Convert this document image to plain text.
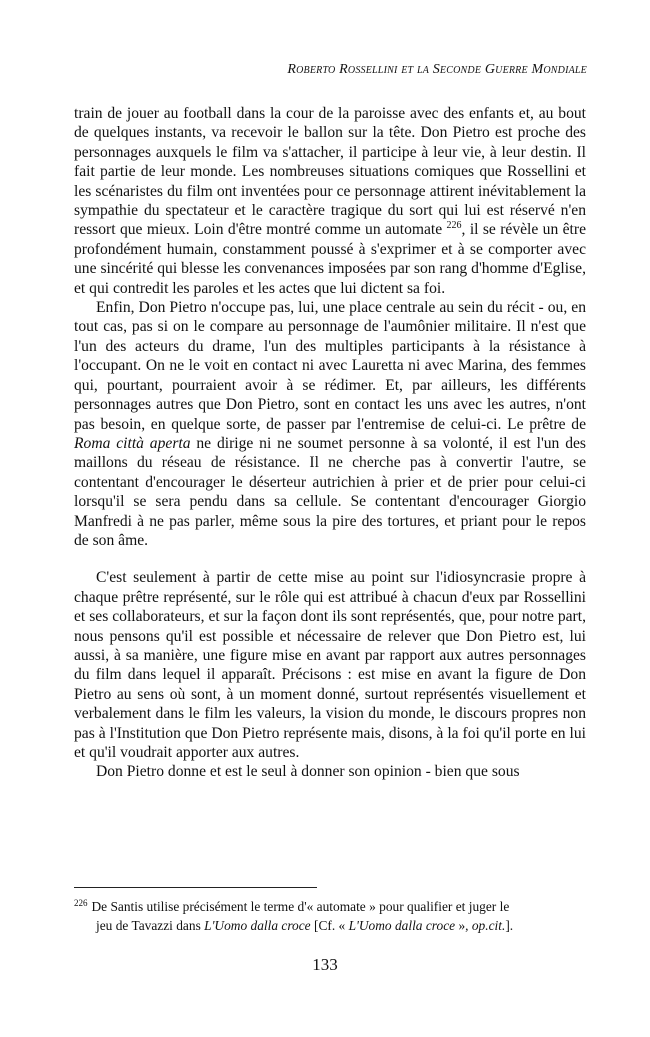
Roberto Rossellini et la Seconde Guerre Mondiale

train de jouer au football dans la cour de la paroisse avec des enfants et, au bout de quelques instants, va recevoir le ballon sur la tête. Don Pietro est proche des personnages auxquels le film va s'attacher, il participe à leur vie, à leur destin. Il fait partie de leur monde. Les nombreuses situations comiques que Rossellini et les scénaristes du film ont inventées pour ce personnage attirent inévitablement la sympathie du spectateur et le caractère tragique du sort qui lui est réservé n'en ressort que mieux. Loin d'être montré comme un automate $^{226}$, il se révèle un être profondément humain, constamment poussé à s'exprimer et à se comporter avec une sincérité qui blesse les convenances imposées par son rang d'homme d'Eglise, et qui contredit les paroles et les actes que lui dictent sa foi.

Enfin, Don Pietro n'occupe pas, lui, une place centrale au sein du récit - ou, en tout cas, pas si on le compare au personnage de l'aumônier militaire. Il n'est que l'un des acteurs du drame, l'un des multiples participants à la résistance à l'occupant. On ne le voit en contact ni avec Lauretta ni avec Marina, des femmes qui, pourtant, pourraient avoir à se rédimer. Et, par ailleurs, les différents personnages autres que Don Pietro, sont en contact les uns avec les autres, n'ont pas besoin, en quelque sorte, de passer par l'entremise de celui-ci. Le prêtre de Roma città aperta ne dirige ni ne soumet personne à sa volonté, il est l'un des maillons du réseau de résistance. Il ne cherche pas à convertir l'autre, se contentant d'encourager le déserteur autrichien à prier et de prier pour celui-ci lorsqu'il se sera pendu dans sa cellule. Se contentant d'encourager Giorgio Manfredi à ne pas parler, même sous la pire des tortures, et priant pour le repos de son âme.

C'est seulement à partir de cette mise au point sur l'idiosyncrasie propre à chaque prêtre représenté, sur le rôle qui est attribué à chacun d'eux par Rossellini et ses collaborateurs, et sur la façon dont ils sont représentés, que, pour notre part, nous pensons qu'il est possible et nécessaire de relever que Don Pietro est, lui aussi, à sa manière, une figure mise en avant par rapport aux autres personnages du film dans lequel il apparaît. Précisons : est mise en avant la figure de Don Pietro au sens où sont, à un moment donné, surtout représentés visuellement et verbalement dans le film les valeurs, la vision du monde, le discours propres non pas à l'Institution que Don Pietro représente mais, disons, à la foi qu'il porte en lui et qu'il voudrait apporter aux autres.

Don Pietro donne et est le seul à donner son opinion - bien que sous

$^{226}$ De Santis utilise précisément le terme d'« automate » pour qualifier et juger le
jeu de Tavazzi dans L'Uomo dalla croce [Cf. « L'Uomo dalla croce », op.cit.].
133
